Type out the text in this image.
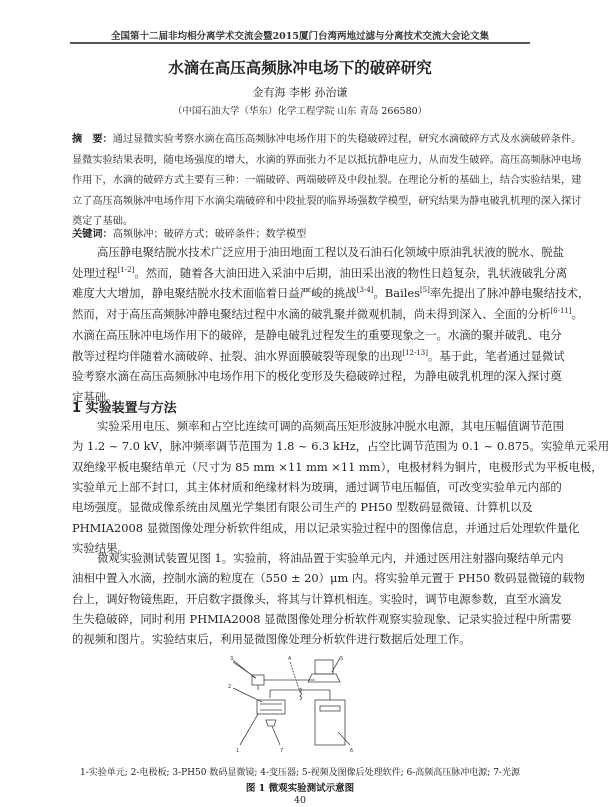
全国第十二届非均相分离学术交流会暨2015厦门台湾两地过滤与分离技术交流大会论文集
水滴在高压高频脉冲电场下的破碎研究
金有海 李彬 孙治谦
（中国石油大学（华东）化学工程学院 山东 青岛 266580）
摘　要：通过显微实验考察水滴在高压高频脉冲电场作用下的失稳破碎过程，研究水滴破碎方式及水滴破碎条件。
显微实验结果表明，随电场强度的增大，水滴的界面张力不足以抵抗静电应力，从而发生破碎。高压高频脉冲电场
作用下，水滴的破碎方式主要有三种：一端破碎、两端破碎及中段扯裂。在理论分析的基础上，结合实验结果，建
立了高压高频脉冲电场作用下水滴尖端破碎和中段扯裂的临界场强数学模型，研究结果为静电破乳机理的深入探讨
奠定了基础。
关键词：高频脉冲；破碎方式；破碎条件；数学模型
高压静电聚结脱水技术广泛应用于油田地面工程以及石油石化领域中原油乳状液的脱水、脱盐
处理过程[1-2]。然而，随着各大油田进入采油中后期，油田采出液的物性日趋复杂，乳状液破乳分离
难度大大增加，静电聚结脱水技术面临着日益严峻的挑战[3-4]。Bailes[5]率先提出了脉冲静电聚结技术，
然而，对于高压高频脉冲静电聚结过程中水滴的破乳聚并微观机制，尚未得到深入、全面的分析[6-11]。
水滴在高压脉冲电场作用下的破碎，是静电破乳过程发生的重要现象之一。水滴的聚并破乳、电分
散等过程均伴随着水滴破碎、扯裂、油水界面膜破裂等现象的出现[12-13]。基于此，笔者通过显微试
验考察水滴在高压高频脉冲电场作用下的极化变形及失稳破碎过程，为静电破乳机理的深入探讨奠
定基础。
1 实验装置与方法
实验采用电压、频率和占空比连续可调的高频高压矩形波脉冲脱水电源，其电压幅值调节范围
为 1.2 ~ 7.0 kV，脉冲频率调节范围为 1.8 ~ 6.3 kHz，占空比调节范围为 0.1 ~ 0.875。实验单元采用
双绝缘平板电聚结单元（尺寸为 85 mm ×11 mm ×11 mm），电极材料为铜片，电极形式为平板电极，
实验单元上部不封口，其主体材质和绝缘材料为玻璃，通过调节电压幅值，可改变实验单元内部的
电场强度。显微成像系统由凤凰光学集团有限公司生产的 PH50 型数码显微镜、计算机以及
PHMIA2008 显微图像处理分析软件组成，用以记录实验过程中的图像信息，并通过后处理软件量化
实验结果。
微观实验测试装置见图 1。实验前，将油品置于实验单元内，并通过医用注射器向聚结单元内
油相中置入水滴，控制水滴的粒度在（550 ± 20）μm 内。将实验单元置于 PH50 数码显微镜的载物
台上，调好物镜焦距，开启数字摄像头，将其与计算机相连。实验时，调节电源参数，直至水滴发
生失稳破碎，同时利用 PHMIA2008 显微图像处理分析软件观察实验现象、记录实验过程中所需要
的视频和图片。实验结束后，利用显微图像处理分析软件进行数据后处理工作。
3	4	5
2
1	7	6
1-实验单元; 2-电极板; 3-PH50 数码显微镜; 4-变压器; 5-视频及图像后处理软件; 6-高频高压脉冲电源; 7-光源
图 1 微观实验测试示意图
40
